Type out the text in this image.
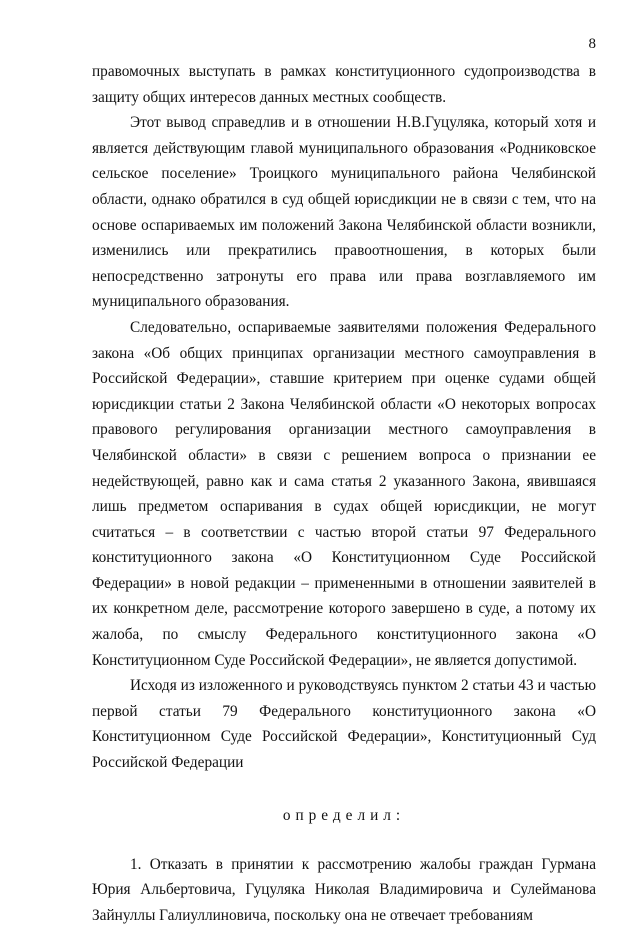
8

правомочных выступать в рамках конституционного судопроизводства в защиту общих интересов данных местных сообществ.

Этот вывод справедлив и в отношении Н.В.Гуцуляка, который хотя и является действующим главой муниципального образования «Родниковское сельское поселение» Троицкого муниципального района Челябинской области, однако обратился в суд общей юрисдикции не в связи с тем, что на основе оспариваемых им положений Закона Челябинской области возникли, изменились или прекратились правоотношения, в которых были непосредственно затронуты его права или права возглавляемого им муниципального образования.

Следовательно, оспариваемые заявителями положения Федерального закона «Об общих принципах организации местного самоуправления в Российской Федерации», ставшие критерием при оценке судами общей юрисдикции статьи 2 Закона Челябинской области «О некоторых вопросах правового регулирования организации местного самоуправления в Челябинской области» в связи с решением вопроса о признании ее недействующей, равно как и сама статья 2 указанного Закона, явившаяся лишь предметом оспаривания в судах общей юрисдикции, не могут считаться – в соответствии с частью второй статьи 97 Федерального конституционного закона «О Конституционном Суде Российской Федерации» в новой редакции – примененными в отношении заявителей в их конкретном деле, рассмотрение которого завершено в суде, а потому их жалоба, по смыслу Федерального конституционного закона «О Конституционном Суде Российской Федерации», не является допустимой.

Исходя из изложенного и руководствуясь пунктом 2 статьи 43 и частью первой статьи 79 Федерального конституционного закона «О Конституционном Суде Российской Федерации», Конституционный Суд Российской Федерации

определил:

1. Отказать в принятии к рассмотрению жалобы граждан Гурмана Юрия Альбертовича, Гуцуляка Николая Владимировича и Сулейманова Зайнуллы Галиуллиновича, поскольку она не отвечает требованиям
